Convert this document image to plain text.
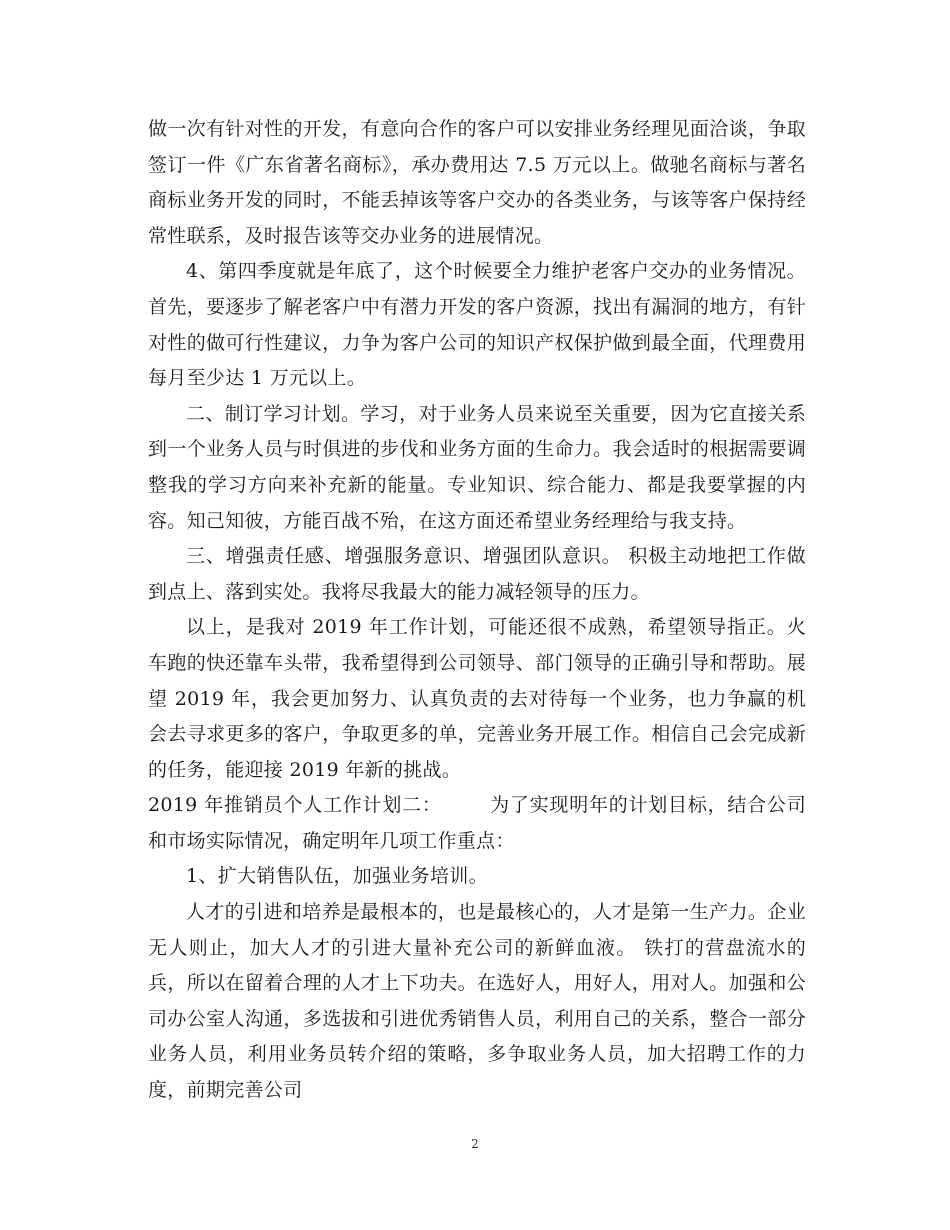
做一次有针对性的开发，有意向合作的客户可以安排业务经理见面洽谈，争取签订一件《广东省著名商标》，承办费用达 7.5 万元以上。做驰名商标与著名商标业务开发的同时，不能丢掉该等客户交办的各类业务，与该等客户保持经常性联系，及时报告该等交办业务的进展情况。

4、第四季度就是年底了，这个时候要全力维护老客户交办的业务情况。首先，要逐步了解老客户中有潜力开发的客户资源，找出有漏洞的地方，有针对性的做可行性建议，力争为客户公司的知识产权保护做到最全面，代理费用每月至少达 1 万元以上。

二、制订学习计划。学习，对于业务人员来说至关重要，因为它直接关系到一个业务人员与时俱进的步伐和业务方面的生命力。我会适时的根据需要调整我的学习方向来补充新的能量。专业知识、综合能力、都是我要掌握的内容。知己知彼，方能百战不殆，在这方面还希望业务经理给与我支持。

三、增强责任感、增强服务意识、增强团队意识。 积极主动地把工作做到点上、落到实处。我将尽我最大的能力减轻领导的压力。

以上，是我对 2019 年工作计划，可能还很不成熟，希望领导指正。火车跑的快还靠车头带，我希望得到公司领导、部门领导的正确引导和帮助。展望 2019 年，我会更加努力、认真负责的去对待每一个业务，也力争赢的机会去寻求更多的客户，争取更多的单，完善业务开展工作。相信自己会完成新的任务，能迎接 2019 年新的挑战。

2019 年推销员个人工作计划二：	为了实现明年的计划目标，结合公司和市场实际情况，确定明年几项工作重点：

1、扩大销售队伍，加强业务培训。

人才的引进和培养是最根本的，也是最核心的，人才是第一生产力。企业无人则止，加大人才的引进大量补充公司的新鲜血液。 铁打的营盘流水的兵，所以在留着合理的人才上下功夫。在选好人，用好人，用对人。加强和公司办公室人沟通，多选拔和引进优秀销售人员，利用自己的关系，整合一部分业务人员，利用业务员转介绍的策略，多争取业务人员，加大招聘工作的力度，前期完善公司

2
